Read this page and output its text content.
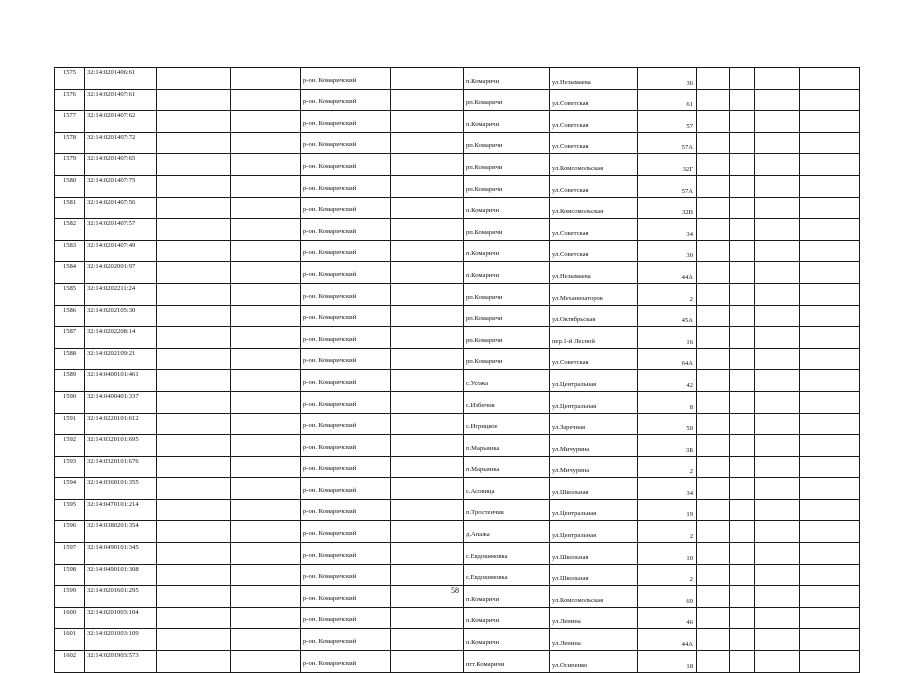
1575	32:14:0201406:61			р-он. Комаричский		п.Комаричи	ул.Незымаева	36				
1576	32:14:0201407:61			р-он. Комаричский		рп.Комаричи	ул.Советская	61				
1577	32:14:0201407:62			р-он. Комаричский		п.Комаричи	ул.Советская	57				
1578	32:14:0201407:72			р-он. Комаричский		рп.Комаричи	ул.Советская	57А				
1579	32:14:0201407:65			р-он. Комаричский		рп.Комаричи	ул.Комсомольская	32Г				
1580	32:14:0201407:75			р-он. Комаричский		рп.Комаричи	ул.Советская	57А				
1581	32:14:0201407:56			р-он. Комаричский		п.Комаричи	ул.Комсомольская	32В				
1582	32:14:0201407:57			р-он. Комаричский		рп.Комаричи	ул.Советская	34				
1583	32:14:0201407:49			р-он. Комаричский		п.Комаричи	ул.Советская	30				
1584	32:14:0202001:97			р-он. Комаричский		п.Комаричи	ул.Незымаева	44А				
1585	32:14:0202211:24			р-он. Комаричский		рп.Комаричи	ул.Механизаторов	2				
1586	32:14:0202105:30			р-он. Комаричский		рп.Комаричи	ул.Октябрьская	45А				
1587	32:14:0202208:14			р-он. Комаричский		рп.Комаричи	пер.1-й Лесной	16				
1588	32:14:0202109:21			р-он. Комаричский		рп.Комаричи	ул.Советская	64А				
1589	32:14:0400101:461			р-он. Комаричский		с.Усожа	ул.Центральная	42				
1590	32:14:0400401:337			р-он. Комаричский		с.Избичня	ул.Центральная	8				
1591	32:14:0220101:612			р-он. Комаричский		с.Игрицкое	ул.Заречная	50				
1592	32:14:0320101:695			р-он. Комаричский		п.Марьинка	ул.Мичурина	3Б				
1593	32:14:0320101:676			р-он. Комаричский		п.Марьинка	ул.Мичурина	2				
1594	32:14:0360101:355			р-он. Комаричский		с.Асовица	ул.Школьная	34				
1595	32:14:0470101:214			р-он. Комаричский		п.Тростенчик	ул.Центральная	19				
1596	32:14:0380201:354			р-он. Комаричский		д.Апажа	ул.Центральная	2				
1597	32:14:0490101:345			р-он. Комаричский		с.Евдокимовка	ул.Школьная	10				
1598	32:14:0490101:308			р-он. Комаричский		с.Евдокимовка	ул.Школьная	2				
1599	32:14:0201601:295			р-он. Комаричский		п.Комаричи	ул.Комсомольская	69				
1600	32:14:0201003:104			р-он. Комаричский		п.Комаричи	ул.Ленина	46				
1601	32:14:0201003:109			р-он. Комаричский		п.Комаричи	ул.Ленина	44А				
1602	32:14:0201903:573			р-он. Комаричский		пгт.Комаричи	ул.Осипенко	18				
58
